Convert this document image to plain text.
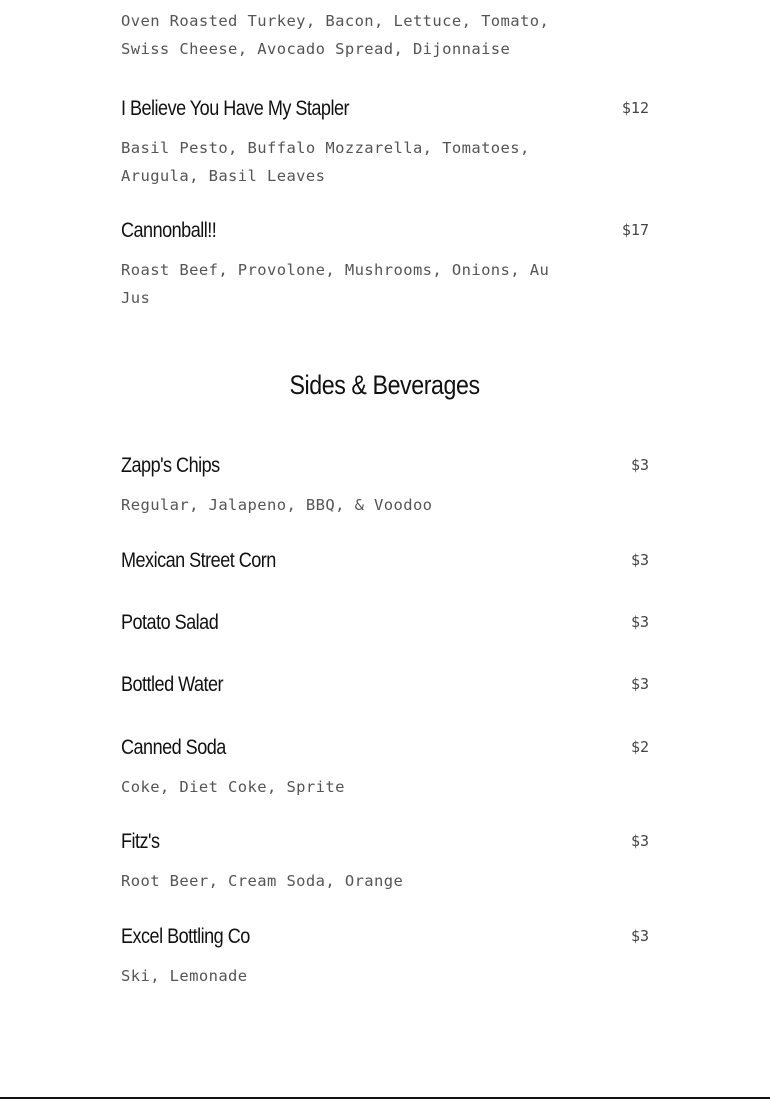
Oven Roasted Turkey, Bacon, Lettuce, Tomato, Swiss Cheese, Avocado Spread, Dijonnaise

I Believe You Have My Stapler	$12

Basil Pesto, Buffalo Mozzarella, Tomatoes, Arugula, Basil Leaves

Cannonball!!	$17

Roast Beef, Provolone, Mushrooms, Onions, Au Jus

Sides & Beverages
Zapp's Chips	$3

Regular, Jalapeno, BBQ, & Voodoo

Mexican Street Corn	$3
Potato Salad	$3
Bottled Water	$3
Canned Soda	$2

Coke, Diet Coke, Sprite

Fitz's	$3

Root Beer, Cream Soda, Orange

Excel Bottling Co	$3

Ski, Lemonade
